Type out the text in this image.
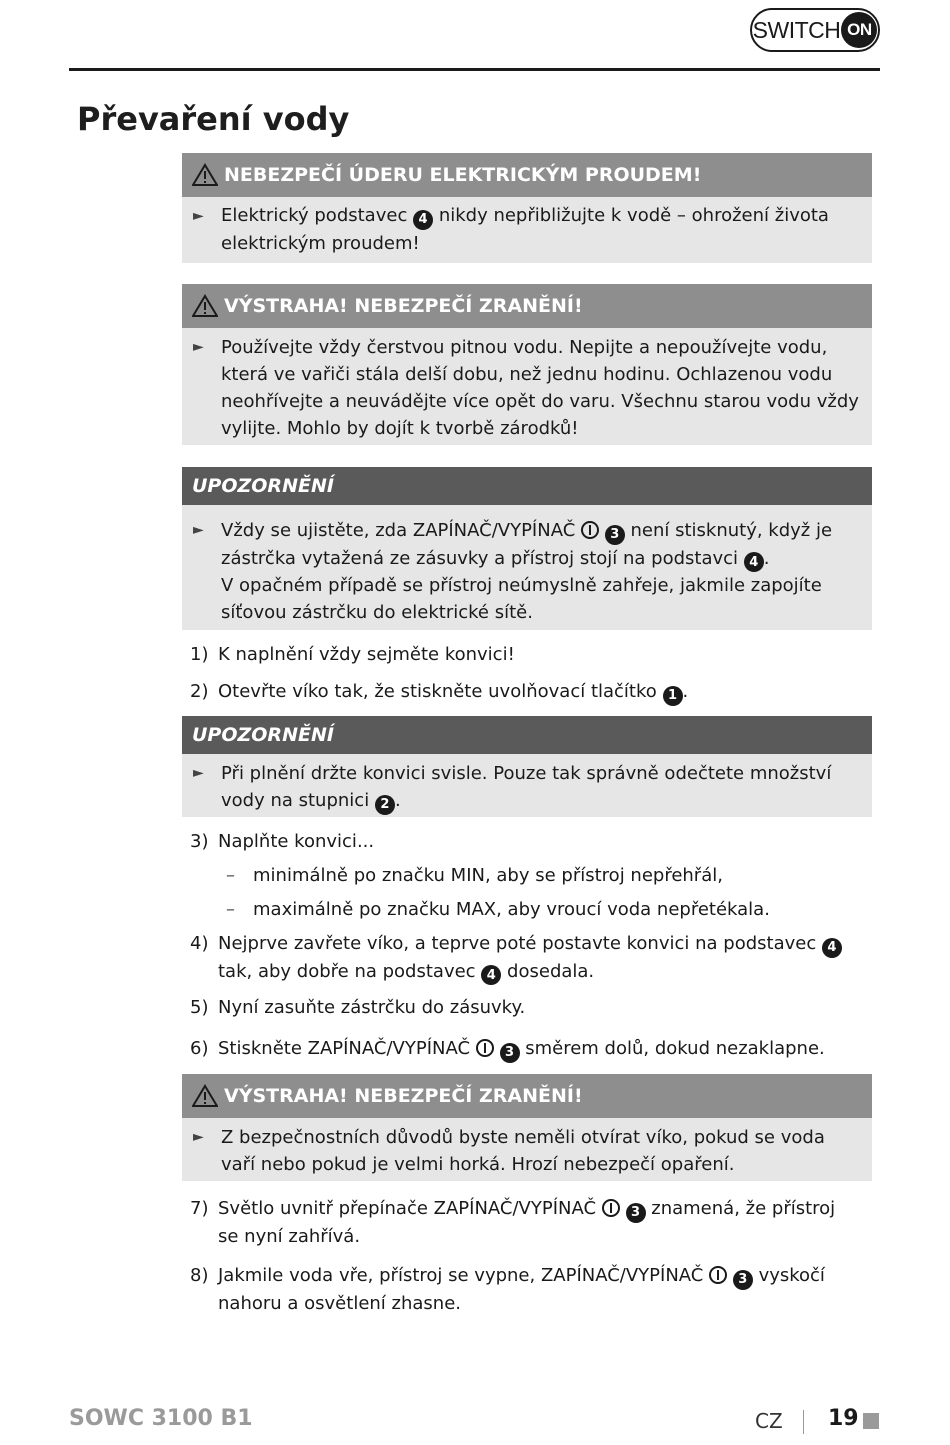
SWITCH ON
Převaření vody
NEBEZPEČÍ ÚDERU ELEKTRICKÝM PROUDEM!
► Elektrický podstavec 4 nikdy nepřibližujte k vodě – ohrožení života elektrickým proudem!
VÝSTRAHA! NEBEZPEČÍ ZRANĚNÍ!
► Používejte vždy čerstvou pitnou vodu. Nepijte a nepoužívejte vodu, která ve vařiči stála delší dobu, než jednu hodinu. Ochlazenou vodu neohřívejte a neuvádějte více opět do varu. Všechnu starou vodu vždy vylijte. Mohlo by dojít k tvorbě zárodků!
UPOZORNĚNÍ
► Vždy se ujistěte, zda ZAPÍNAČ/VYPÍNAČ	3 není stisknutý, když je zástrčka vytažená ze zásuvky a přístroj stojí na podstavci 4 .
V opačném případě se přístroj neúmyslně zahřeje, jakmile zapojíte síťovou zástrčku do elektrické sítě.
1) K naplnění vždy sejměte konvici!
2) Otevřte víko tak, že stiskněte uvolňovací tlačítko 1 .
UPOZORNĚNÍ
► Při plnění držte konvici svisle. Pouze tak správně odečtete množství vody na stupnici 2 .
3) Naplňte konvici...
– minimálně po značku MIN, aby se přístroj nepřehřál,
– maximálně po značku MAX, aby vroucí voda nepřetékala.
4) Nejprve zavřete víko, a teprve poté postavte konvici na podstavec 4 tak, aby dobře na podstavec 4 dosedala.
5) Nyní zasuňte zástrčku do zásuvky.
6) Stiskněte ZAPÍNAČ/VYPÍNAČ	3 směrem dolů, dokud nezaklapne.
VÝSTRAHA! NEBEZPEČÍ ZRANĚNÍ!
► Z bezpečnostních důvodů byste neměli otvírat víko, pokud se voda vaří nebo pokud je velmi horká. Hrozí nebezpečí opaření.
7) Světlo uvnitř přepínače ZAPÍNAČ/VYPÍNAČ	3 znamená, že přístroj se nyní zahřívá.
8) Jakmile voda vře, přístroj se vypne, ZAPÍNAČ/VYPÍNAČ	3 vyskočí nahoru a osvětlení zhasne.
SOWC 3100 B1	CZ 19
